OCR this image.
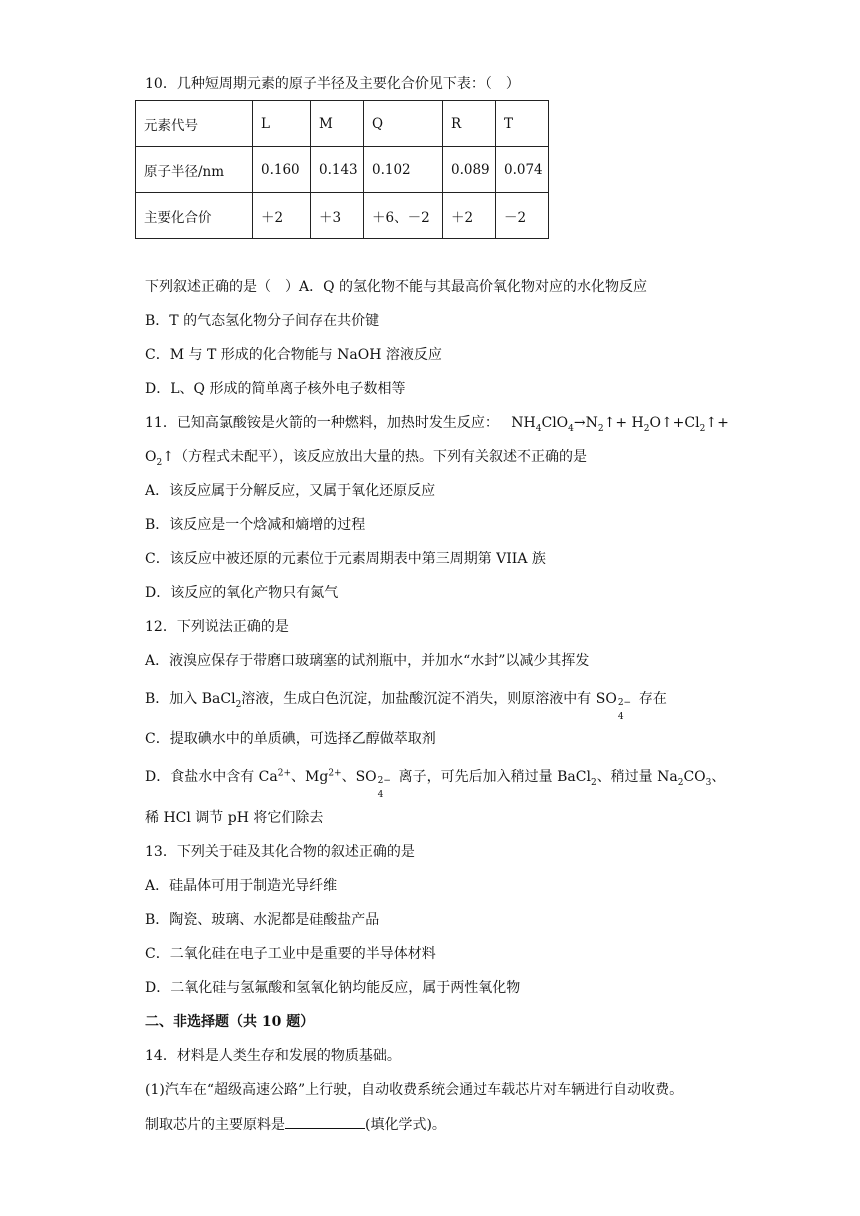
10．几种短周期元素的原子半径及主要化合价见下表：（　）
元素代号	L	M	Q	R	T
原子半径/nm	0.160	0.143	0.102	0.089	0.074
主要化合价	＋2	＋3	＋6、－2	＋2	－2
下列叙述正确的是（　）A．Q 的氢化物不能与其最高价氧化物对应的水化物反应
B．T 的气态氢化物分子间存在共价键
C．M 与 T 形成的化合物能与 NaOH 溶液反应
D．L、Q 形成的简单离子核外电子数相等
11．已知高氯酸铵是火箭的一种燃料，加热时发生反应： $NH_4ClO_4\to N_2↑+$ $H_2O↑+Cl_2↑+$
$O_2↑$（方程式未配平），该反应放出大量的热。下列有关叙述不正确的是
A．该反应属于分解反应，又属于氧化还原反应
B．该反应是一个焓减和熵增的过程
C．该反应中被还原的元素位于元素周期表中第三周期第 VIIA 族
D．该反应的氧化产物只有氮气
12．下列说法正确的是
A．液溴应保存于带磨口玻璃塞的试剂瓶中，并加水“水封”以减少其挥发
B．加入 BaCl$_2$溶液，生成白色沉淀，加盐酸沉淀不消失，则原溶液中有 SO 2−
4
存在
C．提取碘水中的单质碘，可选择乙醇做萃取剂
D．食盐水中含有 $Ca^{2+}$、$Mg^{2+}$、SO 2−
4
离子，可先后加入稍过量 BaCl$_2$、稍过量 $Na_2CO_3$、
稀 HCl 调节 pH 将它们除去
13．下列关于硅及其化合物的叙述正确的是
A．硅晶体可用于制造光导纤维
B．陶瓷、玻璃、水泥都是硅酸盐产品
C．二氧化硅在电子工业中是重要的半导体材料
D．二氧化硅与氢氟酸和氢氧化钠均能反应，属于两性氧化物
二、非选择题（共 10 题）
14．材料是人类生存和发展的物质基础。
(1)汽车在“超级高速公路”上行驶，自动收费系统会通过车载芯片对车辆进行自动收费。
制取芯片的主要原料是	(填化学式)。
